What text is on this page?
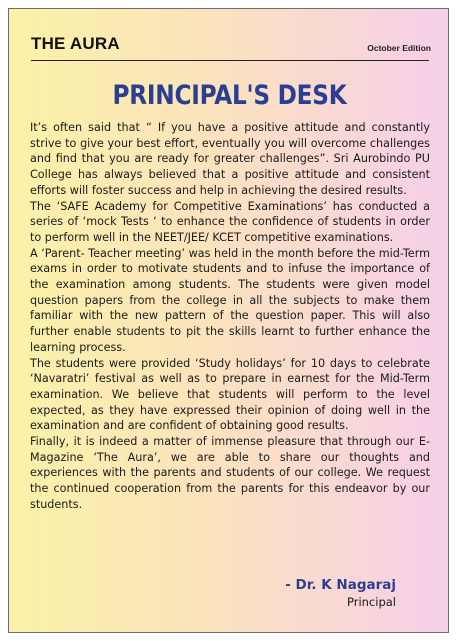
THE AURA	October Edition
PRINCIPAL'S DESK

It’s often said that “ If you have a positive attitude and constantly strive to give your best effort, eventually you will overcome challenges and find that you are ready for greater challenges”. Sri Aurobindo PU College has always believed that a positive attitude and consistent efforts will foster success and help in achieving the desired results.

The ‘SAFE Academy for Competitive Examinations’ has conducted a series of ‘mock Tests ‘ to enhance the confidence of students in order to perform well in the NEET/JEE/ KCET competitive examinations.

A ‘Parent- Teacher meeting’ was held in the month before the mid-Term exams in order to motivate students and to infuse the importance of the examination among students. The students were given model question papers from the college in all the subjects to make them familiar with the new pattern of the question paper. This will also further enable students to pit the skills learnt to further enhance the learning process.

The students were provided ‘Study holidays’ for 10 days to celebrate ‘Navaratri’ festival as well as to prepare in earnest for the Mid-Term examination. We believe that students will perform to the level expected, as they have expressed their opinion of doing well in the examination and are confident of obtaining good results.

Finally, it is indeed a matter of immense pleasure that through our E-Magazine ‘The Aura’, we are able to share our thoughts and experiences with the parents and students of our college. We request the continued cooperation from the parents for this endeavor by our students.

- Dr. K Nagaraj
Principal
